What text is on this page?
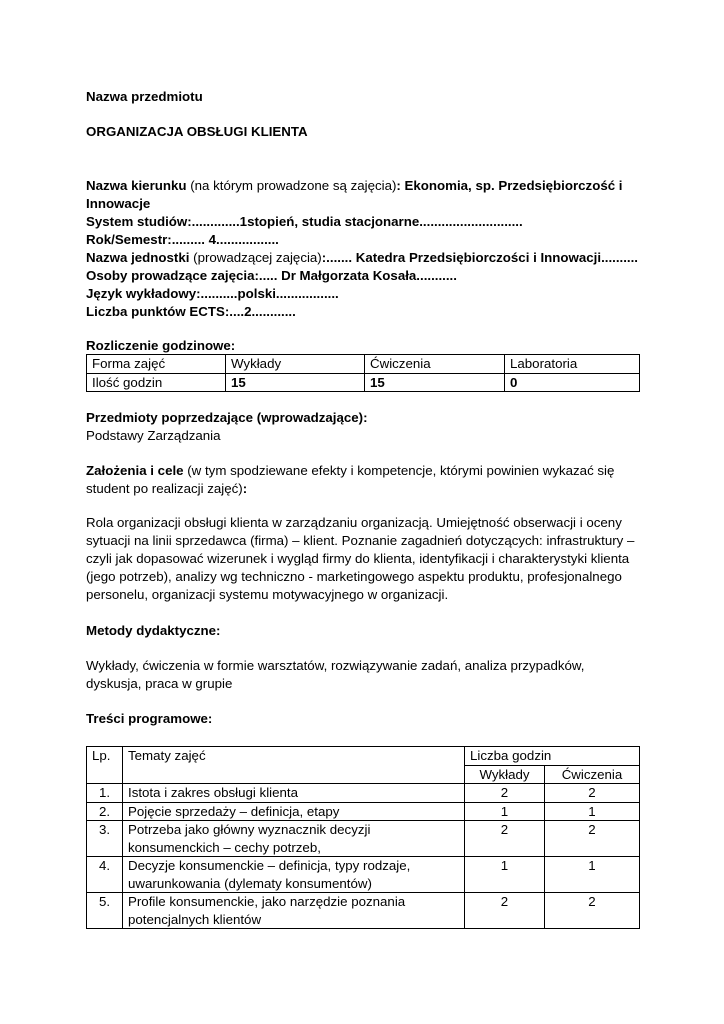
Nazwa przedmiotu
ORGANIZACJA OBSŁUGI KLIENTA
Nazwa kierunku (na którym prowadzone są zajęcia): Ekonomia, sp. Przedsiębiorczość i
Innowacje
System studiów:.............1stopień, studia stacjonarne............................
Rok/Semestr:......... 4.................
Nazwa jednostki (prowadzącej zajęcia):....... Katedra Przedsiębiorczości i Innowacji..........
Osoby prowadzące zajęcia:..... Dr Małgorzata Kosała...........
Język wykładowy:..........polski.................
Liczba punktów ECTS:....2............
Rozliczenie godzinowe:
Forma zajęć	Wykłady	Ćwiczenia	Laboratoria
Ilość godzin	15	15	0
Przedmioty poprzedzające (wprowadzające):
Podstawy Zarządzania
Założenia i cele (w tym spodziewane efekty i kompetencje, którymi powinien wykazać się
student po realizacji zajęć):
Rola organizacji obsługi klienta w zarządzaniu organizacją. Umiejętność obserwacji i oceny
sytuacji na linii sprzedawca (firma) – klient. Poznanie zagadnień dotyczących: infrastruktury –
czyli jak dopasować wizerunek i wygląd firmy do klienta, identyfikacji i charakterystyki klienta
(jego potrzeb), analizy wg techniczno - marketingowego aspektu produktu, profesjonalnego
personelu, organizacji systemu motywacyjnego w organizacji.
Metody dydaktyczne:
Wykłady, ćwiczenia w formie warsztatów, rozwiązywanie zadań, analiza przypadków,
dyskusja, praca w grupie
Treści programowe:
Lp.	Tematy zajęć	Liczba godzin	
		Wykłady	Ćwiczenia
1.	Istota i zakres obsługi klienta	2	2
2.	Pojęcie sprzedaży – definicja, etapy	1	1
3.	Potrzeba jako główny wyznacznik decyzji
konsumenckich – cechy potrzeb,	2	2
4.	Decyzje konsumenckie – definicja, typy rodzaje,
uwarunkowania (dylematy konsumentów)	1	1
5.	Profile konsumenckie, jako narzędzie poznania
potencjalnych klientów	2	2
